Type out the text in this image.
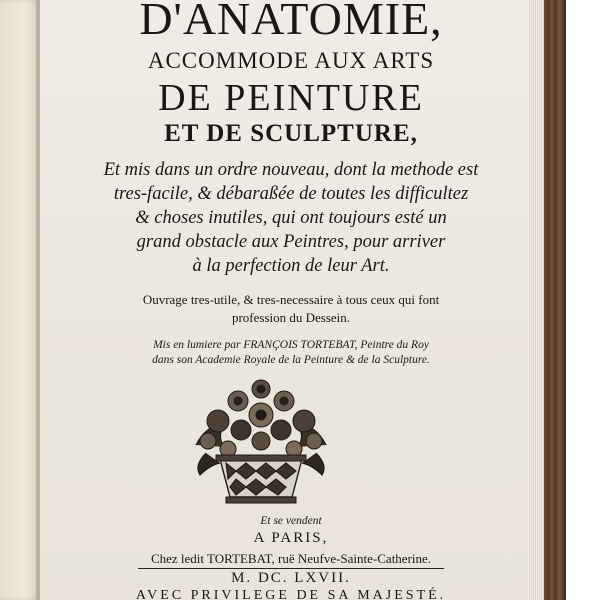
D'ANATOMIE,
ACCOMMODE AUX ARTS
DE PEINTURE
ET DE SCULPTURE,
Et mis dans un ordre nouveau, dont la methode est
tres-facile, & débaraßée de toutes les difficultez
& choses inutiles, qui ont toujours esté un
grand obstacle aux Peintres, pour arriver
à la perfection de leur Art.
Ouvrage tres-utile, & tres-necessaire à tous ceux qui font
profession du Dessein.
Mis en lumiere par FRANÇOIS TORTEBAT, Peintre du Roy
dans son Academie Royale de la Peinture & de la Sculpture.
Et se vendent
A PARIS,
Chez ledit TORTEBAT, ruë Neufve-Sainte-Catherine.
M. DC. LXVII.
AVEC PRIVILEGE DE SA MAJESTÉ.
